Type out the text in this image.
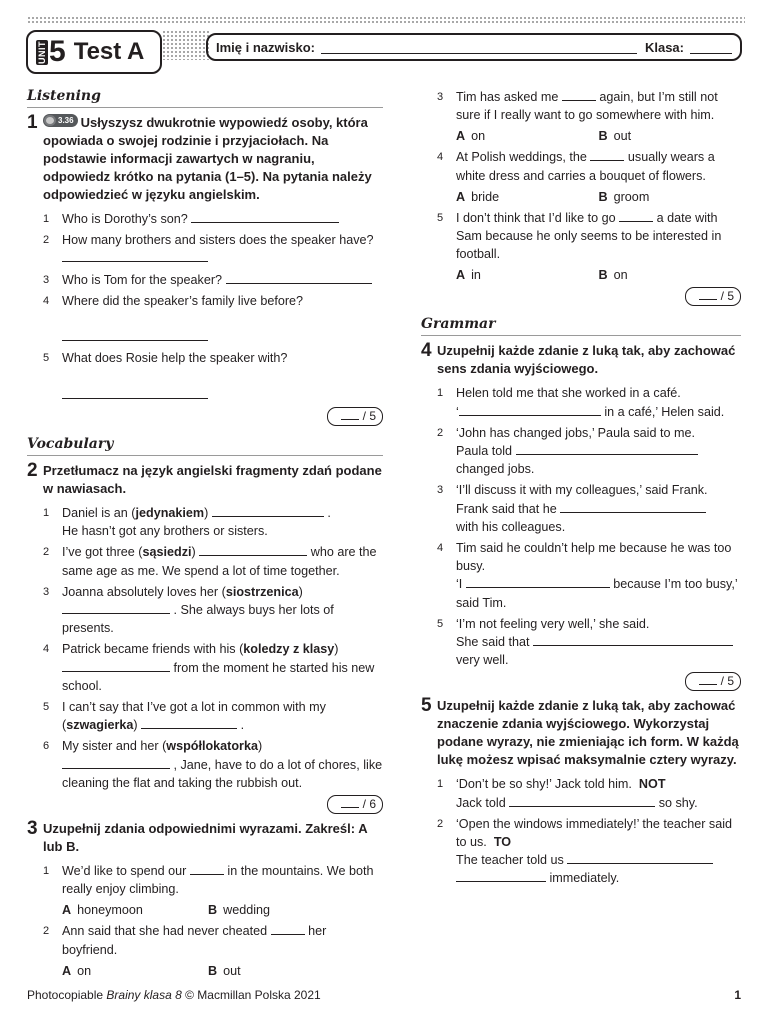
UNIT 5 Test A	Imię i nazwisko:	Klasa:
Listening
1	3.36 Usłyszysz dwukrotnie wypowiedź osoby, która opowiada o swojej rodzinie i przyjaciołach. Na podstawie informacji zawartych w nagraniu, odpowiedz krótko na pytania (1–5). Na pytania należy odpowiedzieć w języku angielskim.
1	Who is Dorothy’s son?
2	How many brothers and sisters does the speaker have?
3	Who is Tom for the speaker?
4	Where did the speaker’s family live before?

5	What does Rosie help the speaker with?

/ 5
Vocabulary
2 Przetłumacz na język angielski fragmenty zdań podane w nawiasach.
1	Daniel is an (jedynakiem)	.
He hasn’t got any brothers or sisters.
2	I’ve got three (sąsiedzi)	who are the same age as me. We spend a lot of time together.
3	Joanna absolutely loves her (siostrzenica)
. She always buys her lots of presents.
4	Patrick became friends with his (koledzy z klasy)
from the moment he started his new school.
5	I can’t say that I’ve got a lot in common with my (szwagierka)	.
6	My sister and her (współlokatorka)
, Jane, have to do a lot of chores, like cleaning the flat and taking the rubbish out.
/ 6
3 Uzupełnij zdania odpowiednimi wyrazami. Zakreśl: A lub B.
1	We’d like to spend our	in the mountains. We both really enjoy climbing.
A honeymoon	B wedding
2	Ann said that she had never cheated	her boyfriend.
A on	B out
3	Tim has asked me	again, but I’m still not sure if I really want to go somewhere with him.
A on	B out
4	At Polish weddings, the	usually wears a white dress and carries a bouquet of flowers.
A bride	B groom
5	I don’t think that I’d like to go	a date with Sam because he only seems to be interested in football.
A in	B on
/ 5
Grammar
4 Uzupełnij każde zdanie z luką tak, aby zachować sens zdania wyjściowego.
1	Helen told me that she worked in a café.
‘	in a café,’ Helen said.
2	‘John has changed jobs,’ Paula said to me.
Paula told
changed jobs.
3	‘I’ll discuss it with my colleagues,’ said Frank.
Frank said that he
with his colleagues.
4	Tim said he couldn’t help me because he was too busy.
‘I	because I’m too busy,’ said Tim.
5	‘I’m not feeling very well,’ she said.
She said that
very well.
/ 5
5 Uzupełnij każde zdanie z luką tak, aby zachować znaczenie zdania wyjściowego. Wykorzystaj podane wyrazy, nie zmieniając ich form. W każdą lukę możesz wpisać maksymalnie cztery wyrazy.
1	‘Don’t be so shy!’ Jack told him. NOT
Jack told	so shy.
2	‘Open the windows immediately!’ the teacher said to us. TO
The teacher told us
immediately.
Photocopiable Brainy klasa 8 © Macmillan Polska 2021	1
